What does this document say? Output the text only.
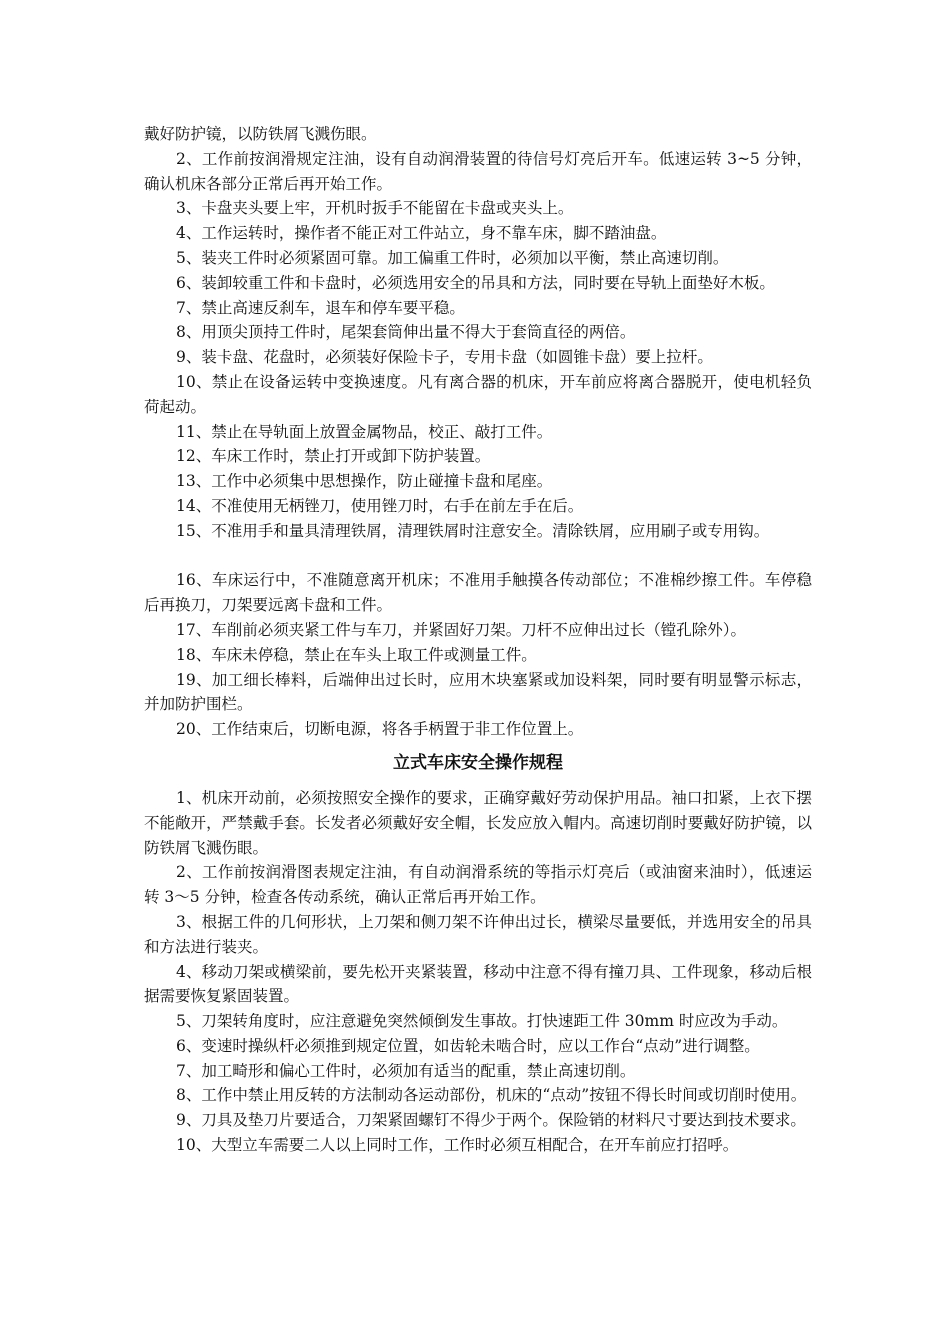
戴好防护镜，以防铁屑飞溅伤眼。

2、工作前按润滑规定注油，设有自动润滑装置的待信号灯亮后开车。低速运转 3~5 分钟，确认机床各部分正常后再开始工作。

3、卡盘夹头要上牢，开机时扳手不能留在卡盘或夹头上。

4、工作运转时，操作者不能正对工件站立，身不靠车床，脚不踏油盘。

5、装夹工件时必须紧固可靠。加工偏重工件时，必须加以平衡，禁止高速切削。

6、装卸较重工件和卡盘时，必须选用安全的吊具和方法，同时要在导轨上面垫好木板。

7、禁止高速反刹车，退车和停车要平稳。

8、用顶尖顶持工件时，尾架套筒伸出量不得大于套筒直径的两倍。

9、装卡盘、花盘时，必须装好保险卡子，专用卡盘（如圆锥卡盘）要上拉杆。

10、禁止在设备运转中变换速度。凡有离合器的机床，开车前应将离合器脱开，使电机轻负荷起动。

11、禁止在导轨面上放置金属物品，校正、敲打工件。

12、车床工作时，禁止打开或卸下防护装置。

13、工作中必须集中思想操作，防止碰撞卡盘和尾座。

14、不准使用无柄锉刀，使用锉刀时，右手在前左手在后。

15、不准用手和量具清理铁屑，清理铁屑时注意安全。清除铁屑，应用刷子或专用钩。

16、车床运行中，不准随意离开机床；不准用手触摸各传动部位；不准棉纱擦工件。车停稳后再换刀，刀架要远离卡盘和工件。

17、车削前必须夹紧工件与车刀，并紧固好刀架。刀杆不应伸出过长（镗孔除外）。

18、车床未停稳，禁止在车头上取工件或测量工件。

19、加工细长棒料，后端伸出过长时，应用木块塞紧或加设料架，同时要有明显警示标志，并加防护围栏。

20、工作结束后，切断电源，将各手柄置于非工作位置上。

立式车床安全操作规程

1、机床开动前，必须按照安全操作的要求，正确穿戴好劳动保护用品。袖口扣紧，上衣下摆不能敞开，严禁戴手套。长发者必须戴好安全帽，长发应放入帽内。高速切削时要戴好防护镜，以防铁屑飞溅伤眼。

2、工作前按润滑图表规定注油，有自动润滑系统的等指示灯亮后（或油窗来油时），低速运转 3～5 分钟，检查各传动系统，确认正常后再开始工作。

3、根据工件的几何形状，上刀架和侧刀架不许伸出过长，横梁尽量要低，并选用安全的吊具和方法进行装夹。

4、移动刀架或横梁前，要先松开夹紧装置，移动中注意不得有撞刀具、工件现象，移动后根据需要恢复紧固装置。

5、刀架转角度时，应注意避免突然倾倒发生事故。打快速距工件 30mm 时应改为手动。

6、变速时操纵杆必须推到规定位置，如齿轮未啮合时，应以工作台“点动”进行调整。

7、加工畸形和偏心工件时，必须加有适当的配重，禁止高速切削。

8、工作中禁止用反转的方法制动各运动部份，机床的“点动”按钮不得长时间或切削时使用。

9、刀具及垫刀片要适合，刀架紧固螺钉不得少于两个。保险销的材料尺寸要达到技术要求。

10、大型立车需要二人以上同时工作，工作时必须互相配合，在开车前应打招呼。
